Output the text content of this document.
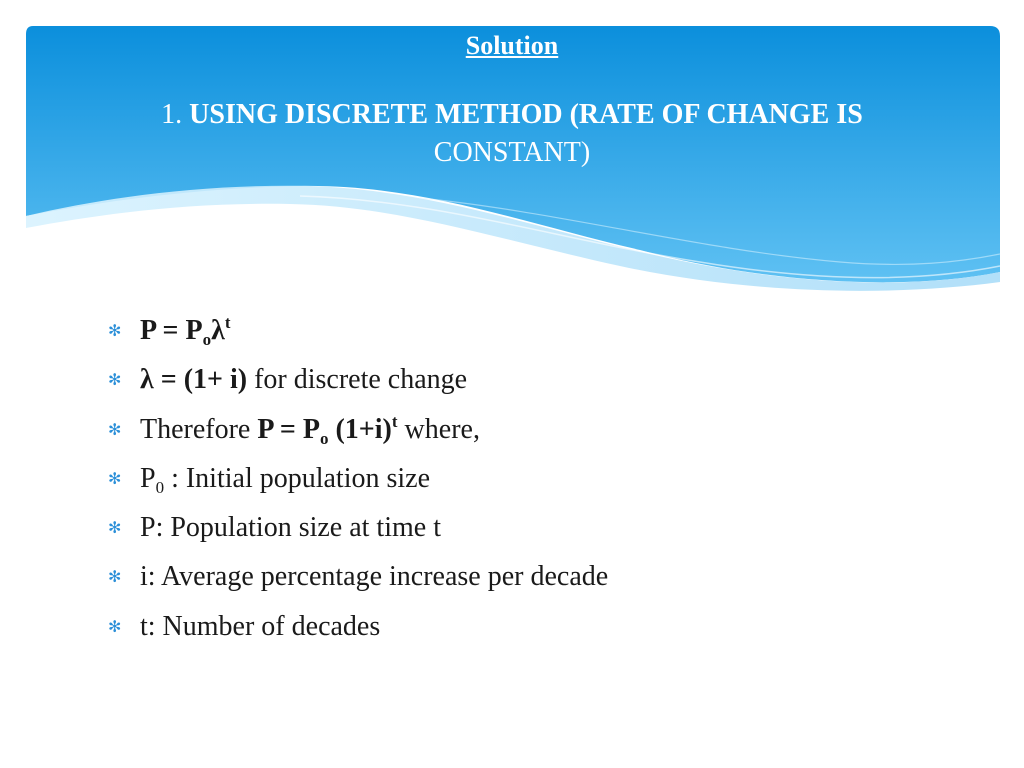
Solution
1. USING DISCRETE METHOD (RATE OF CHANGE IS
CONSTANT)
✻ $P = P_o\lambda^t$
✻ λ = (1+ i) for discrete change
✻ Therefore $P = P_o$ $(1+i)^t$ where,
✻ $P_0$ : Initial population size
✻ P: Population size at time t
✻ i: Average percentage increase per decade
✻ t: Number of decades
